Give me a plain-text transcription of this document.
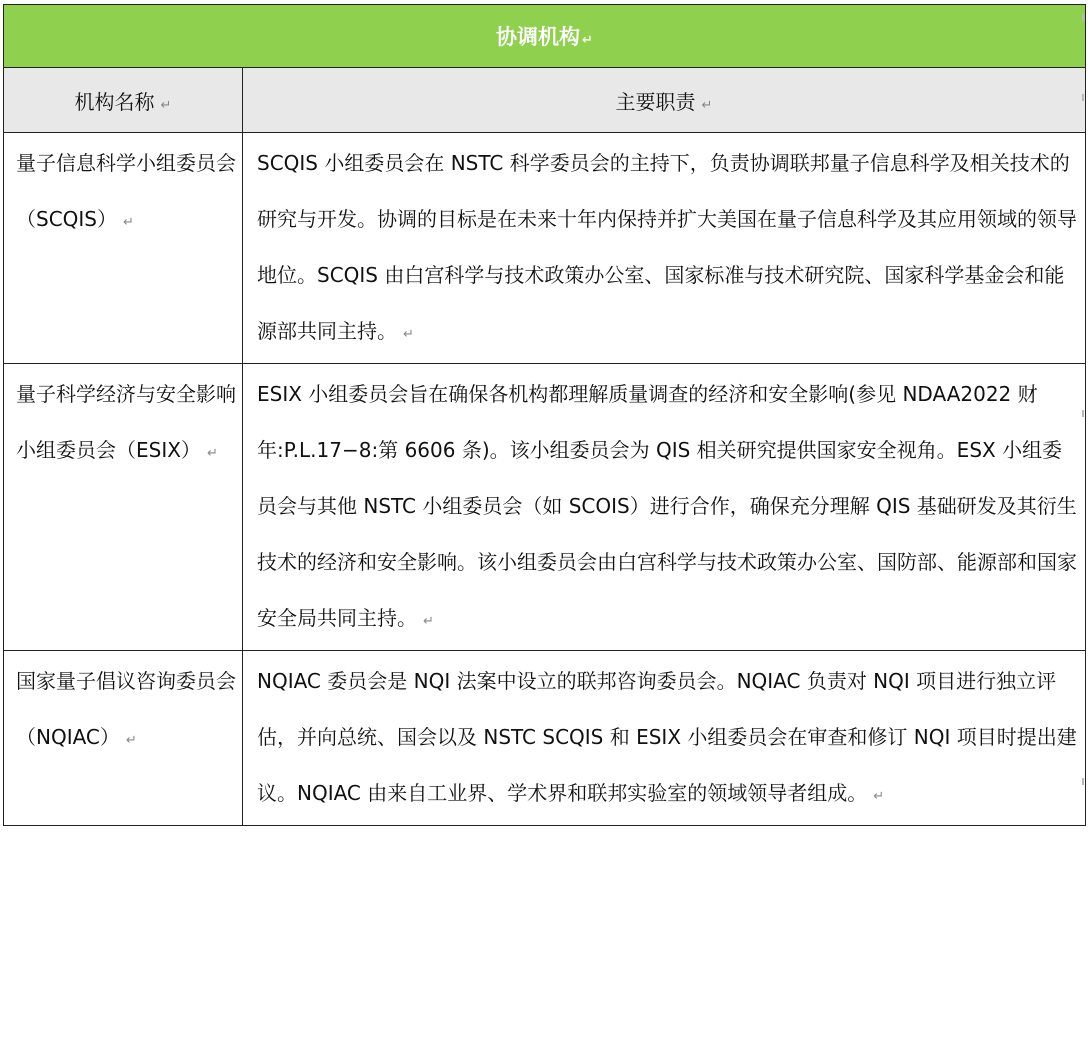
协调机构 ↵	
机构名称 ↵	主要职责 ↵
量子信息科学小组委员会（SCQIS） ↵	SCQIS 小组委员会在 NSTC 科学委员会的主持下，负责协调联邦量子信息科学及相关技术的研究与开发。协调的目标是在未来十年内保持并扩大美国在量子信息科学及其应用领域的领导地位。SCQIS 由白宫科学与技术政策办公室、国家标准与技术研究院、国家科学基金会和能源部共同主持。 ↵
量子科学经济与安全影响小组委员会（ESIX） ↵	ESIX 小组委员会旨在确保各机构都理解质量调查的经济和安全影响(参见 NDAA2022 财年:P.L.17−8:第 6606 条)。该小组委员会为 QIS 相关研究提供国家安全视角。ESX 小组委员会与其他 NSTC 小组委员会（如 SCOIS）进行合作，确保充分理解 QIS 基础研发及其衍生技术的经济和安全影响。该小组委员会由白宫科学与技术政策办公室、国防部、能源部和国家安全局共同主持。 ↵
国家量子倡议咨询委员会（NQIAC） ↵	NQIAC 委员会是 NQI 法案中设立的联邦咨询委员会。NQIAC 负责对 NQI 项目进行独立评估，并向总统、国会以及 NSTC SCQIS 和 ESIX 小组委员会在审查和修订 NQI 项目时提出建议。NQIAC 由来自工业界、学术界和联邦实验室的领域领导者组成。 ↵
